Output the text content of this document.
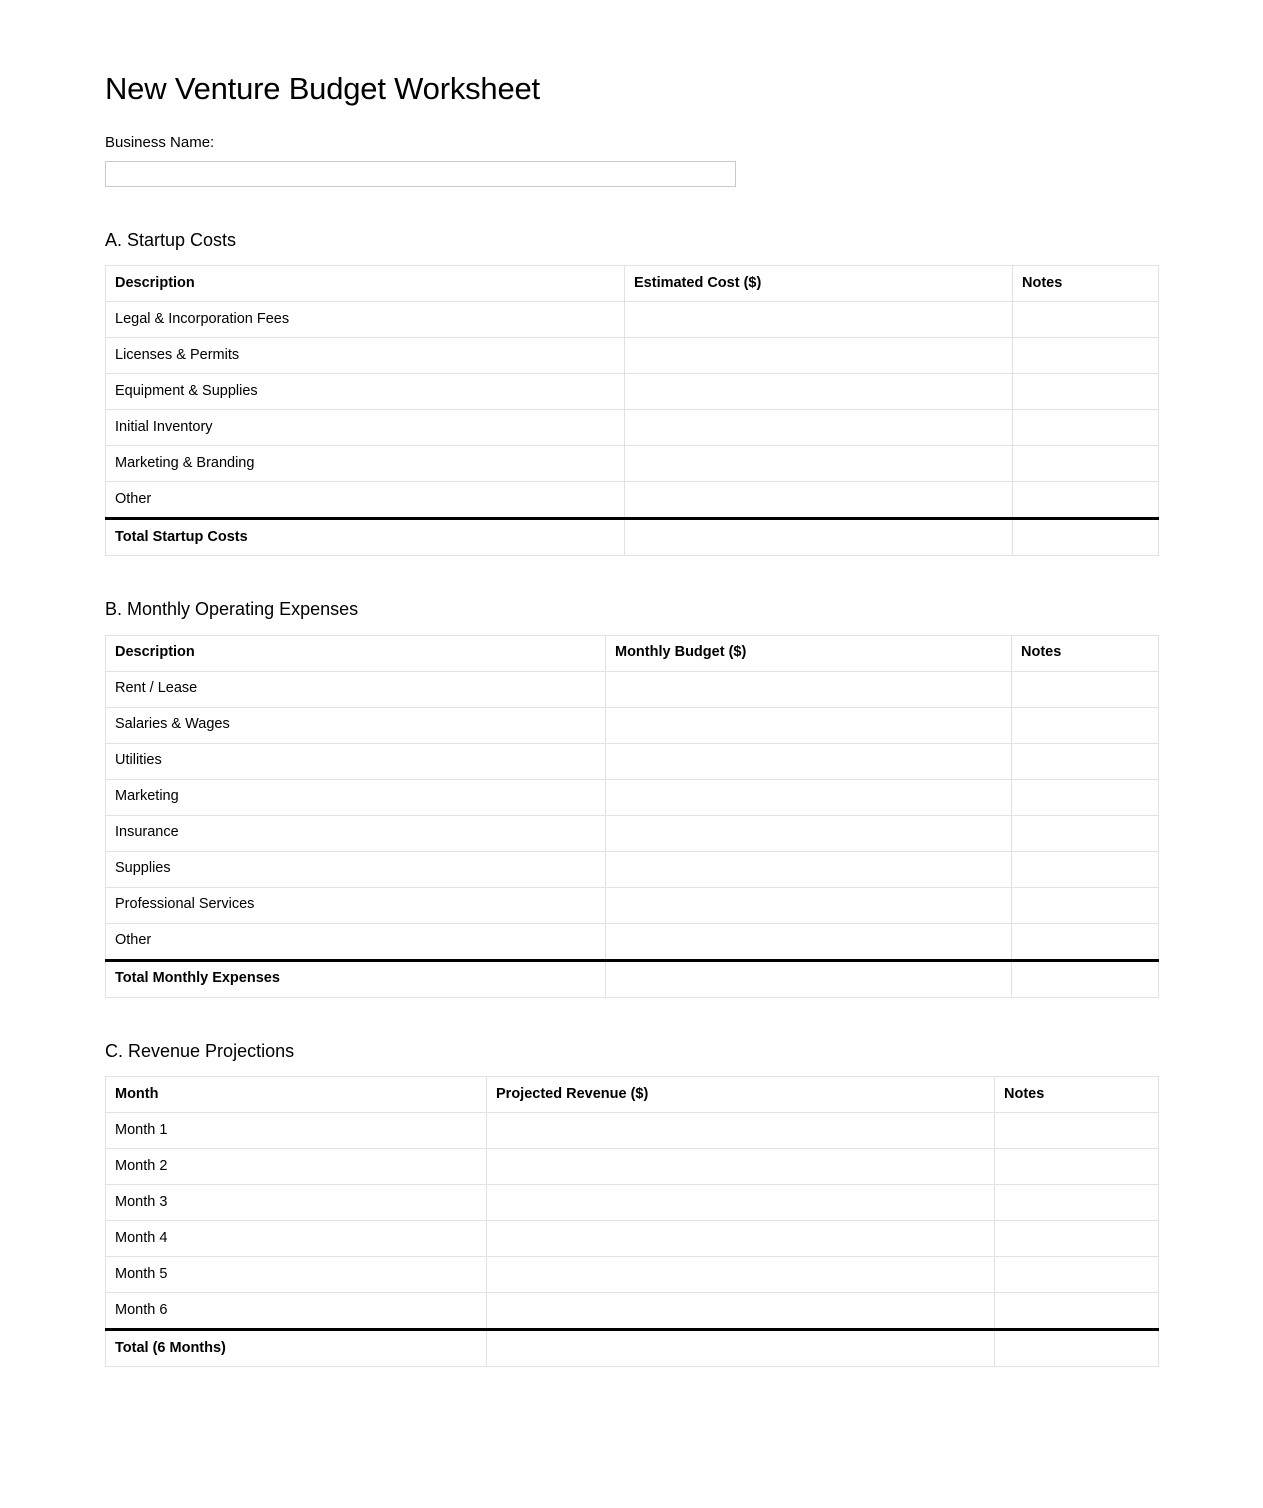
New Venture Budget Worksheet
Business Name:
A. Startup Costs
Description	Estimated Cost ($)	Notes
Legal & Incorporation Fees		
Licenses & Permits		
Equipment & Supplies		
Initial Inventory		
Marketing & Branding		
Other		
Total Startup Costs		
B. Monthly Operating Expenses
Description	Monthly Budget ($)	Notes
Rent / Lease		
Salaries & Wages		
Utilities		
Marketing		
Insurance		
Supplies		
Professional Services		
Other		
Total Monthly Expenses		
C. Revenue Projections
Month	Projected Revenue ($)	Notes
Month 1		
Month 2		
Month 3		
Month 4		
Month 5		
Month 6		
Total (6 Months)		
